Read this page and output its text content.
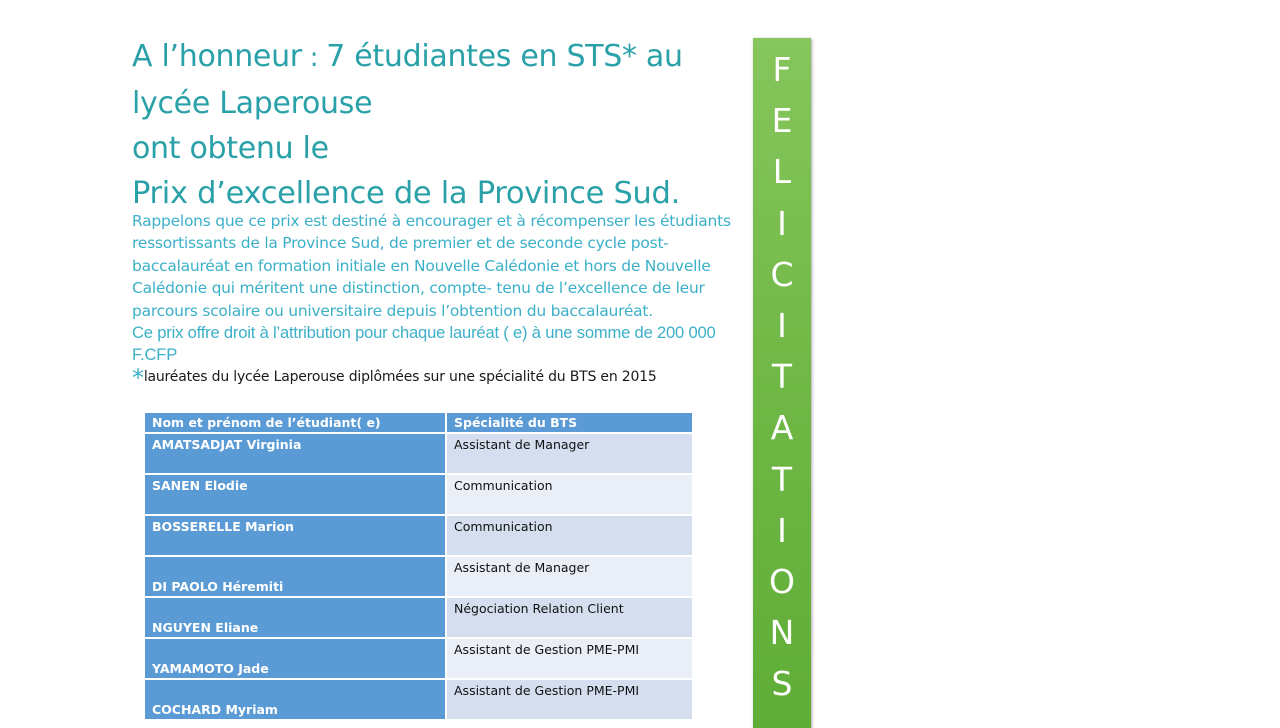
A l’honneur : 7 étudiantes en STS* au
lycée Laperouse
ont obtenu le
Prix d’excellence de la Province Sud.
Rappelons que ce prix est destiné à encourager et à récompenser les étudiants ressortissants de la Province Sud, de premier et de seconde cycle post-baccalauréat en formation initiale en Nouvelle Calédonie et hors de Nouvelle Calédonie qui méritent une distinction, compte- tenu de l’excellence de leur parcours scolaire ou universitaire depuis l’obtention du baccalauréat.
Ce prix offre droit à l’attribution pour chaque lauréat ( e) à une somme de 200 000 F.CFP
*lauréates du lycée Laperouse diplômées sur une spécialité du BTS en 2015
Nom et prénom de l’étudiant( e)	Spécialité du BTS
AMATSADJAT Virginia	Assistant de Manager
SANEN Elodie	Communication
BOSSERELLE Marion	Communication
DI PAOLO Héremiti	Assistant de Manager
NGUYEN Eliane	Négociation Relation Client
YAMAMOTO Jade	Assistant de Gestion PME-PMI
COCHARD Myriam	Assistant de Gestion PME-PMI
F
E
L
I
C
I
T
A
T
I
O
N
S
